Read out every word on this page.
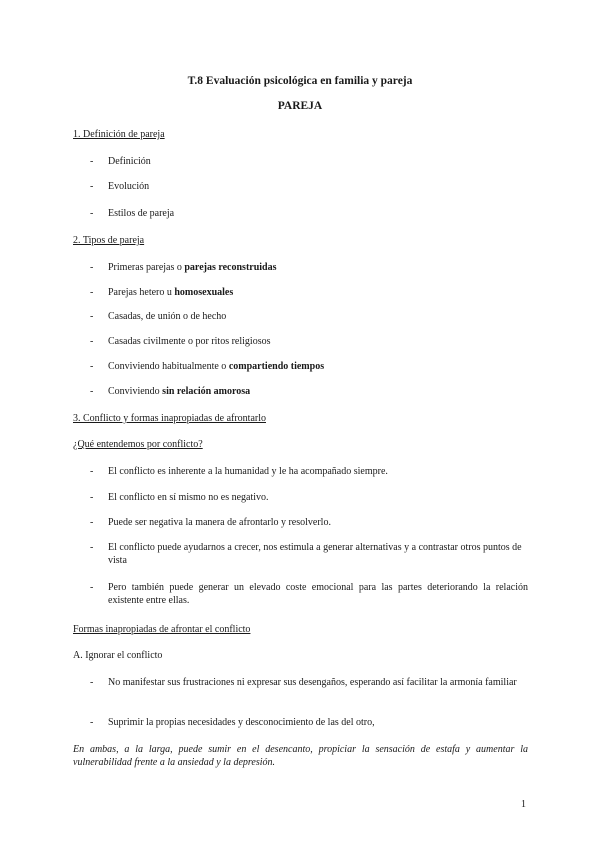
T.8 Evaluación psicológica en familia y pareja
PAREJA
1. Definición de pareja
- Definición
- Evolución
- Estilos de pareja
2. Tipos de pareja
- Primeras parejas o parejas reconstruidas
- Parejas hetero u homosexuales
- Casadas, de unión o de hecho
- Casadas civilmente o por ritos religiosos
- Conviviendo habitualmente o compartiendo tiempos
- Conviviendo sin relación amorosa
3. Conflicto y formas inapropiadas de afrontarlo
¿Qué entendemos por conflicto?
- El conflicto es inherente a la humanidad y le ha acompañado siempre.
- El conflicto en sí mismo no es negativo.
- Puede ser negativa la manera de afrontarlo y resolverlo.
- El conflicto puede ayudarnos a crecer, nos estimula a generar alternativas y a contrastar otros puntos de vista
- Pero también puede generar un elevado coste emocional para las partes deteriorando la relación existente entre ellas.
Formas inapropiadas de afrontar el conflicto
A. Ignorar el conflicto
- No manifestar sus frustraciones ni expresar sus desengaños, esperando así facilitar la armonía familiar
- Suprimir la propias necesidades y desconocimiento de las del otro,
En ambas, a la larga, puede sumir en el desencanto, propiciar la sensación de estafa y aumentar la vulnerabilidad frente a la ansiedad y la depresión.
1
